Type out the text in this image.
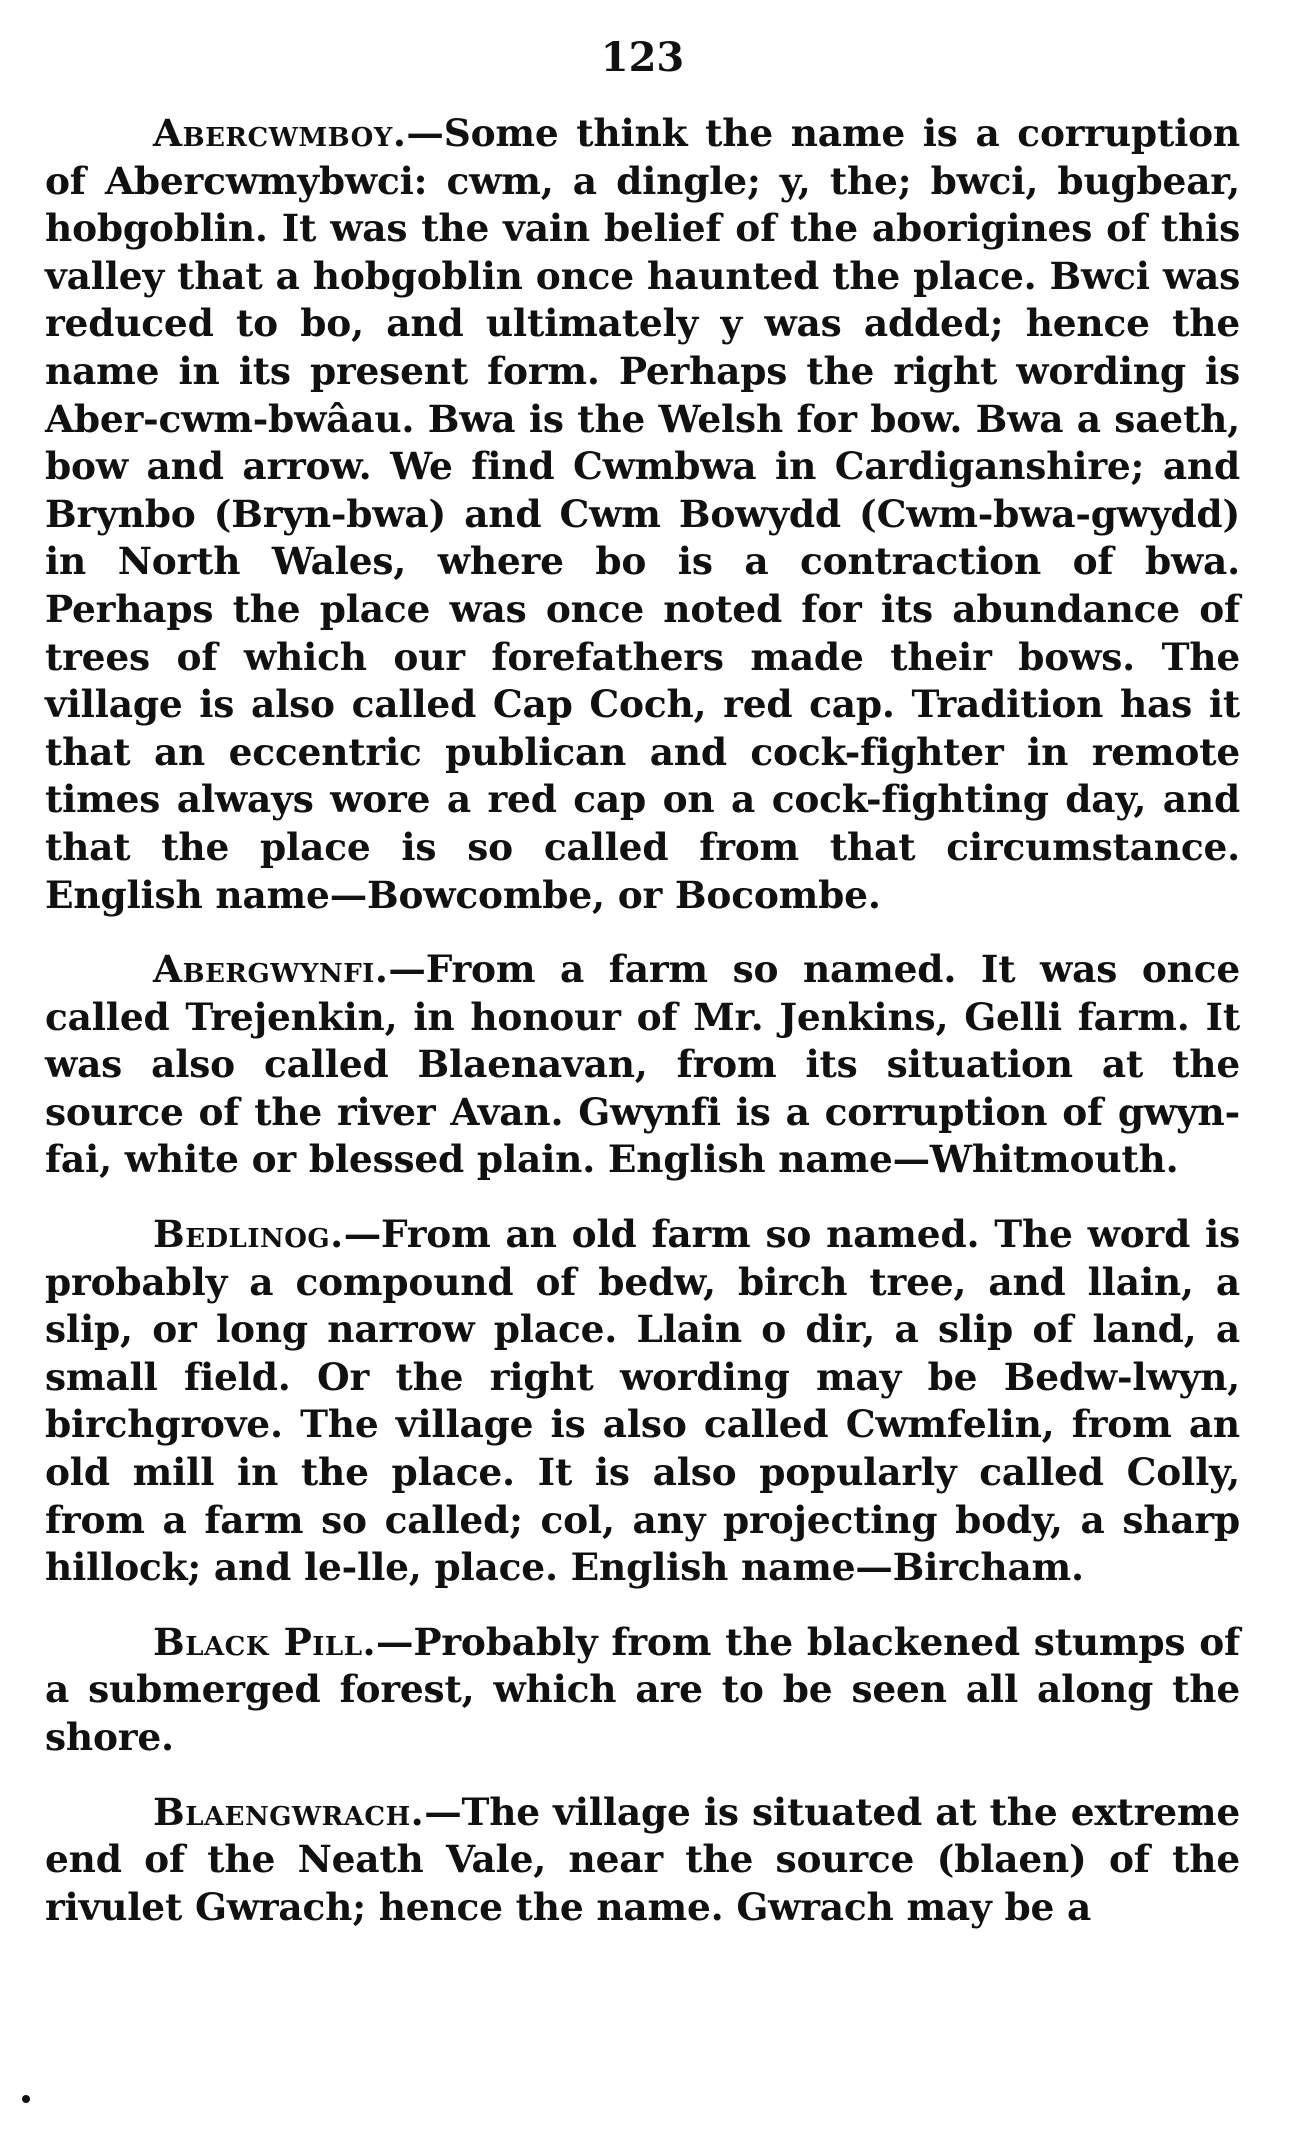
123

Abercwmboy.—Some think the name is a corruption of Abercwmybwci: cwm, a dingle; y, the; bwci, bugbear, hobgoblin. It was the vain belief of the aborigines of this valley that a hobgoblin once haunted the place. Bwci was reduced to bo, and ultimately y was added; hence the name in its present form. Perhaps the right wording is Aber-cwm-bwâau. Bwa is the Welsh for bow. Bwa a saeth, bow and arrow. We find Cwmbwa in Cardiganshire; and Brynbo (Bryn-bwa) and Cwm Bowydd (Cwm-bwa-gwydd) in North Wales, where bo is a contraction of bwa. Perhaps the place was once noted for its abundance of trees of which our forefathers made their bows. The village is also called Cap Coch, red cap. Tradition has it that an eccentric publican and cock-fighter in remote times always wore a red cap on a cock-fighting day, and that the place is so called from that circumstance. English name—Bowcombe, or Bocombe.

Abergwynfi.—From a farm so named. It was once called Trejenkin, in honour of Mr. Jenkins, Gelli farm. It was also called Blaenavan, from its situation at the source of the river Avan. Gwynfi is a corruption of gwyn-fai, white or blessed plain. English name—Whitmouth.

Bedlinog.—From an old farm so named. The word is probably a compound of bedw, birch tree, and llain, a slip, or long narrow place. Llain o dir, a slip of land, a small field. Or the right wording may be Bedw-lwyn, birchgrove. The village is also called Cwmfelin, from an old mill in the place. It is also popularly called Colly, from a farm so called; col, any projecting body, a sharp hillock; and le-lle, place. English name—Bircham.

Black Pill.—Probably from the blackened stumps of a submerged forest, which are to be seen all along the shore.

Blaengwrach.—The village is situated at the extreme end of the Neath Vale, near the source (blaen) of the rivulet Gwrach; hence the name. Gwrach may be a
